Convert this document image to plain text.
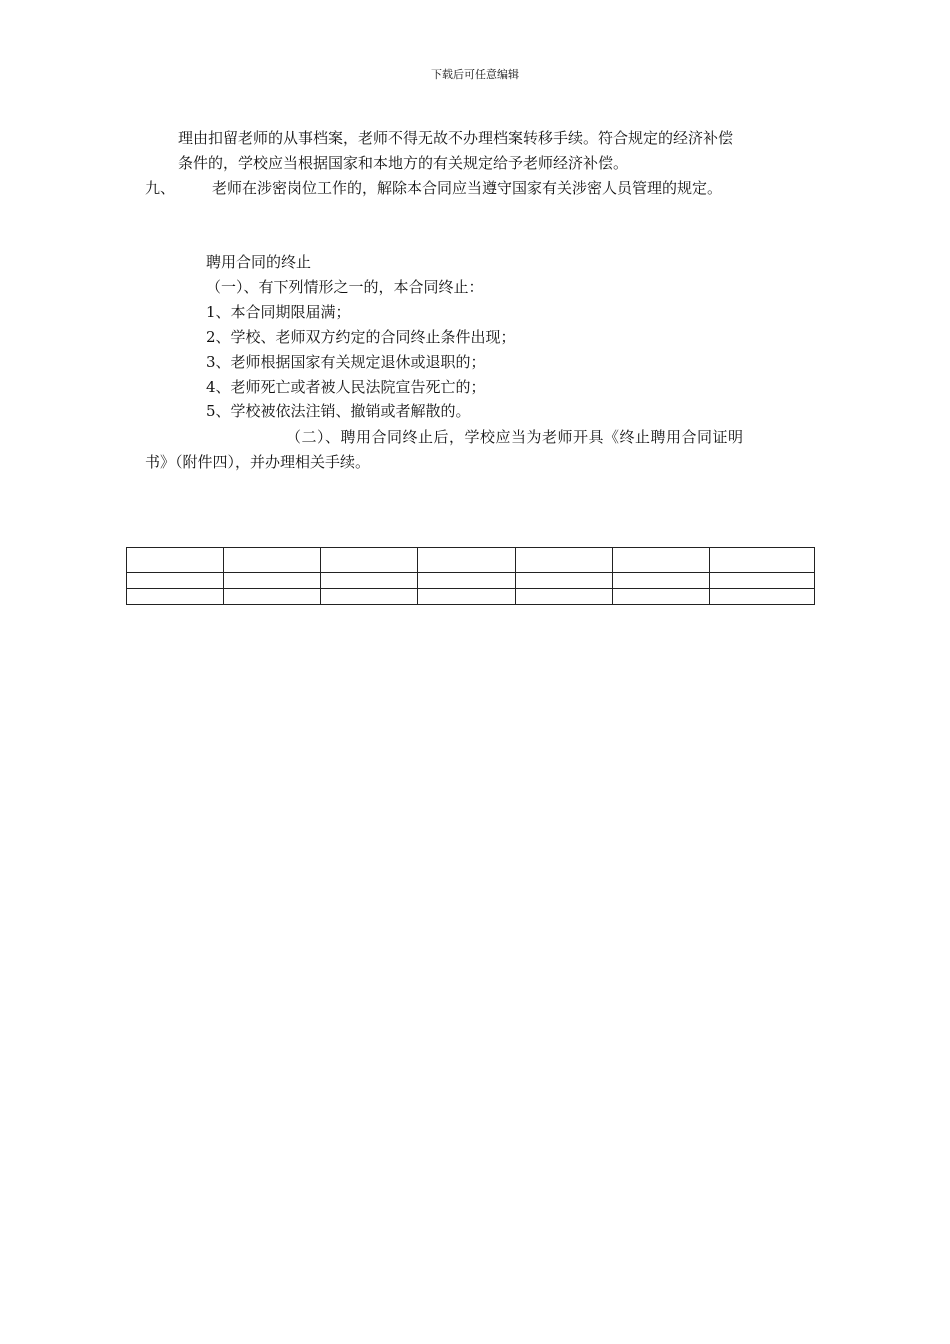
下载后可任意编辑
理由扣留老师的从事档案，老师不得无故不办理档案转移手续。符合规定的经济补偿
条件的，学校应当根据国家和本地方的有关规定给予老师经济补偿。
九、 老师在涉密岗位工作的，解除本合同应当遵守国家有关涉密人员管理的规定。
聘用合同的终止
（一）、有下列情形之一的，本合同终止：
1、本合同期限届满；
2、学校、老师双方约定的合同终止条件出现；
3、老师根据国家有关规定退休或退职的；
4、老师死亡或者被人民法院宣告死亡的；
5、学校被依法注销、撤销或者解散的。
（二）、聘用合同终止后，学校应当为老师开具《终止聘用合同证明
书》（附件四），并办理相关手续。
